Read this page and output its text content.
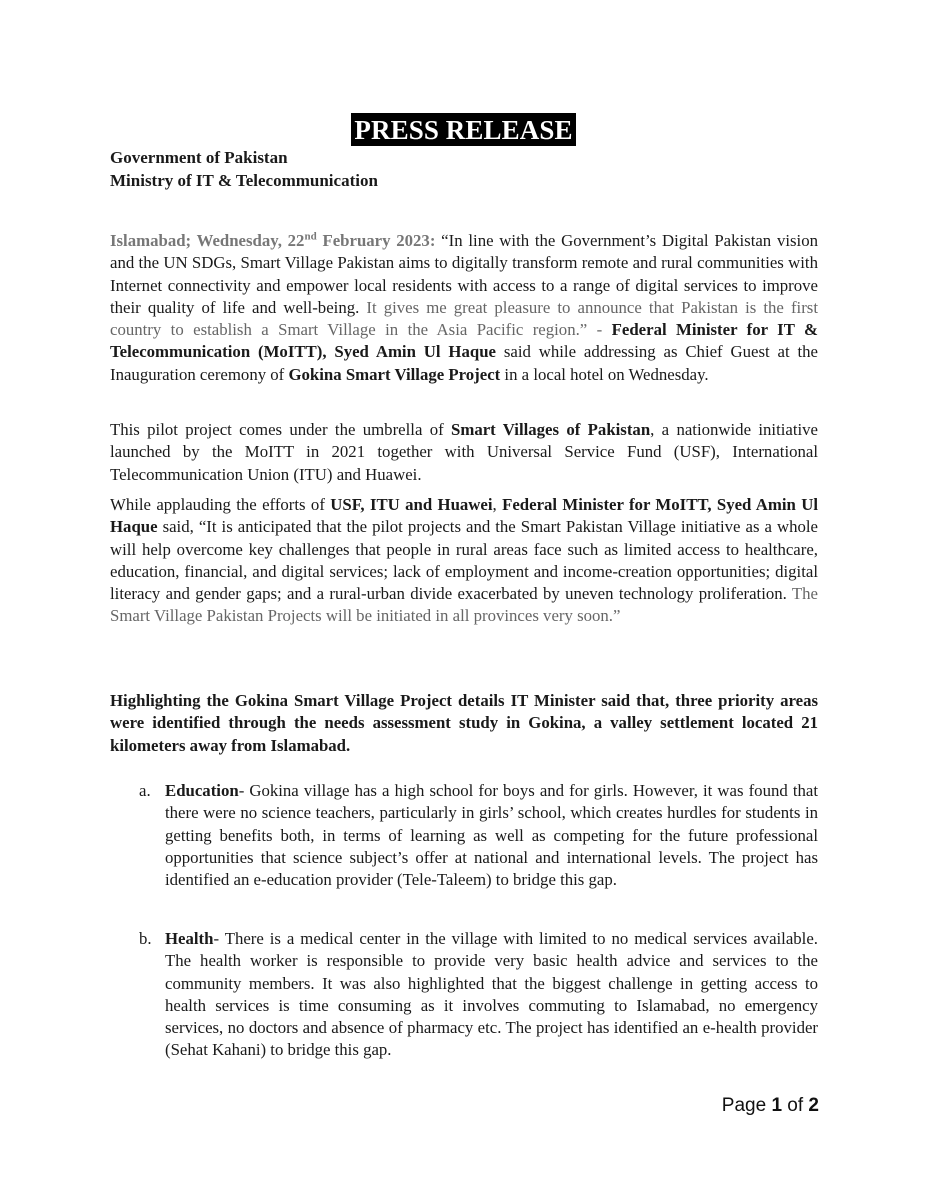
PRESS RELEASE
Government of Pakistan
Ministry of IT & Telecommunication

Islamabad; Wednesday, 22nd February 2023: “In line with the Government’s Digital Pakistan vision and the UN SDGs, Smart Village Pakistan aims to digitally transform remote and rural communities with Internet connectivity and empower local residents with access to a range of digital services to improve their quality of life and well-being. It gives me great pleasure to announce that Pakistan is the first country to establish a Smart Village in the Asia Pacific region.” - Federal Minister for IT & Telecommunication (MoITT), Syed Amin Ul Haque said while addressing as Chief Guest at the Inauguration ceremony of Gokina Smart Village Project in a local hotel on Wednesday.

This pilot project comes under the umbrella of Smart Villages of Pakistan, a nationwide initiative launched by the MoITT in 2021 together with Universal Service Fund (USF), International Telecommunication Union (ITU) and Huawei.

While applauding the efforts of USF, ITU and Huawei, Federal Minister for MoITT, Syed Amin Ul Haque said, “It is anticipated that the pilot projects and the Smart Pakistan Village initiative as a whole will help overcome key challenges that people in rural areas face such as limited access to healthcare, education, financial, and digital services; lack of employment and income-creation opportunities; digital literacy and gender gaps; and a rural-urban divide exacerbated by uneven technology proliferation. The Smart Village Pakistan Projects will be initiated in all provinces very soon.”

Highlighting the Gokina Smart Village Project details IT Minister said that, three priority areas were identified through the needs assessment study in Gokina, a valley settlement located 21 kilometers away from Islamabad.

a. Education- Gokina village has a high school for boys and for girls. However, it was found that there were no science teachers, particularly in girls’ school, which creates hurdles for students in getting benefits both, in terms of learning as well as competing for the future professional opportunities that science subject’s offer at national and international levels. The project has identified an e-education provider (Tele-Taleem) to bridge this gap.
b. Health- There is a medical center in the village with limited to no medical services available. The health worker is responsible to provide very basic health advice and services to the community members. It was also highlighted that the biggest challenge in getting access to health services is time consuming as it involves commuting to Islamabad, no emergency services, no doctors and absence of pharmacy etc. The project has identified an e-health provider (Sehat Kahani) to bridge this gap.
Page 1 of 2
